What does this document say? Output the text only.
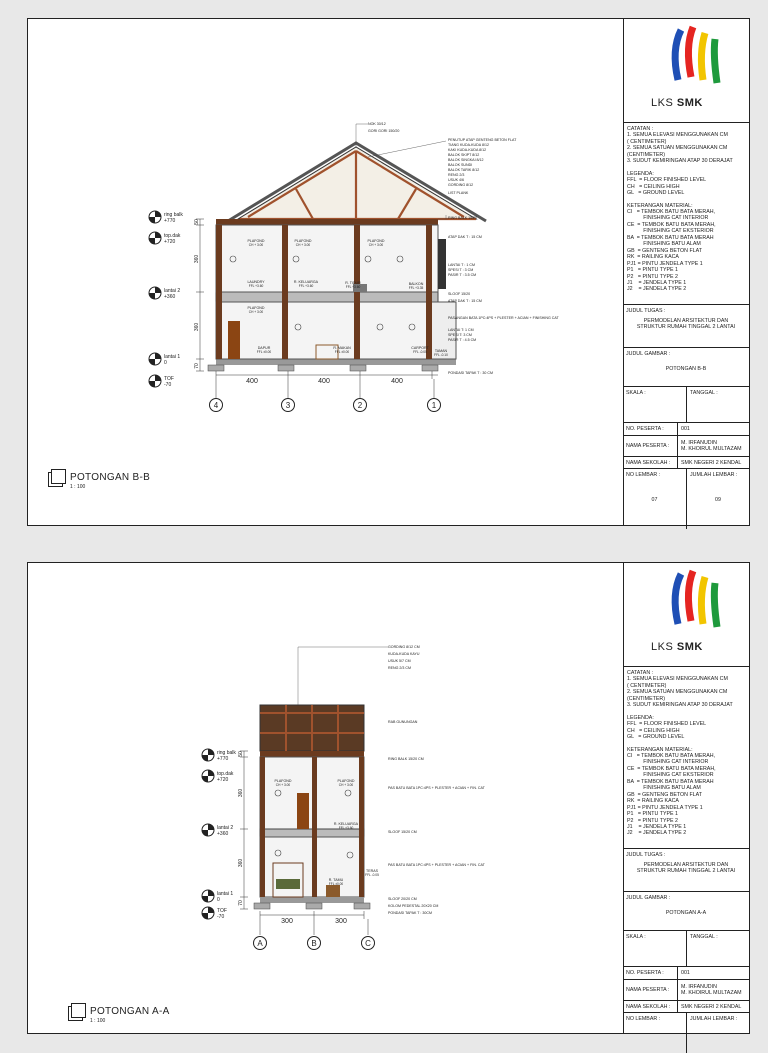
ring balk
+770
top.dak
+720
lantai 2
+360
lantai 1
0
TOF
-70
4	3	2	1
50
360
360
70
400	400	400
NOK 30/12
GORI GORI 150/20
PENUTUP ATAP GENTENG BETON FLAT
TIANG KUDA-KUDA 8/12
KAKI KUDA-KUDA 8/12
BALOK SKIPT 8/12
BALOK SINGKAI 8/12
BALOK SUNDI
BALOK TARIK 8/12
RENG 2/3
USUK 4/6
GORDING 8/12
LIST PLANK
RING BALK 15/20
ATAP DAK T : 15 CM
LANTAI T : 1 CM
SPESI T : 3 CM
PASIR T : 3.5 CM
SLOOF 15/20
ATAP DAK T : 15 CM
PASANGAN BATA 1PC:4PS + PLESTER + ACIAN + FINISHING CAT
LANTAI T: 1 CM
SPESI T: 3 CM
PASIR T : 4.5 CM
PONDASI TAPAK T : 30 CM
PLAFOND
CH + 3.00
PLAFOND
CH + 3.00
PLAFOND
CH + 3.00
LAUNDRY
FFL +3.60
R. KELUARGA
FFL +3.60
R. TIDUR
FFL +3.60
BALKON
FFL +3.35
PLAFOND
CH + 3.00
DAPUR
FFL ±0.00
R. MAKAN
FFL ±0.00
CARPORT
FFL -0.05 TAMAN
FFL -0.10
POTONGAN B-B
1 : 100
LKS SMK

CATATAN :

1. SEMUA ELEVASI MENGGUNAKAN CM

( CENTIMETER)

2. SEMUA SATUAN MENGGUNAKAN CM

(CENTIMETER)

3. SUDUT KEMIRINGAN ATAP 30 DERAJAT

LEGENDA:

FFL  = FLOOR FINISHED LEVEL

CH   = CEILING HIGH

GL   = GROUND LEVEL

KETERANGAN MATERIAL:

CI   = TEMBOK BATU BATA MERAH,

FINISHING CAT INTERIOR

CE  = TEMBOK BATU BATA MERAH,

FINISHING CAT EKSTERIOR

BA  = TEMBOK BATU BATA MERAH

FINISHING BATU ALAM

GB  = GENTENG BETON FLAT

RK  = RAILING KACA

PJ1 = PINTU JENDELA TYPE 1

P1   = PINTU TYPE 1

P2   = PINTU TYPE 2

J1    = JENDELA TYPE 1

J2    = JENDELA TYPE 2

JUDUL TUGAS :
PERMODELAN ARSITEKTUR DAN STRUKTUR RUMAH TINGGAL 2 LANTAI
JUDUL GAMBAR :
POTONGAN B-B
SKALA :	TANGGAL :
NO. PESERTA :	001
NAMA PESERTA :	M. IRFANUDIN
M. KHOIRUL MULTAZAM
NAMA SEKOLAH :	SMK NEGERI 2 KENDAL
NO LEMBAR :
07
JUMLAH LEMBAR :
09
ring balk
+770
top.dak
+720
lantai 2
+360
lantai 1
0
TOF
-70
A	B	C
50
360
360
70
300	300
GORDING 8/12 CM
KUDA-KUDA KAYU
USUK 5/7 CM
RENG 2/3 CM
RAB GUNUNGAN
RING BALK 15/20 CM
PAS BATU BATA 1PC:4PS + PLESTER + ACIAN + FIN. CAT
SLOOF 15/20 CM
PAS BATU BATA 1PC:4PS + PLESTER + ACIAN + FIN. CAT
SLOOF 20/20 CM
KOLOM PEDESTAL 20X20 CM
PONDASI TAPAK T : 30CM
PLAFOND
CH + 3.00
PLAFOND
CH + 3.00
R. KELUARGA
FFL +3.60
R. TAMU
FFL ±0.00
TERAS
FFL -0.05
POTONGAN A-A
1 : 100
LKS SMK

CATATAN :

1. SEMUA ELEVASI MENGGUNAKAN CM

( CENTIMETER)

2. SEMUA SATUAN MENGGUNAKAN CM

(CENTIMETER)

3. SUDUT KEMIRINGAN ATAP 30 DERAJAT

LEGENDA:

FFL  = FLOOR FINISHED LEVEL

CH   = CEILING HIGH

GL   = GROUND LEVEL

KETERANGAN MATERIAL:

CI   = TEMBOK BATU BATA MERAH,

FINISHING CAT INTERIOR

CE  = TEMBOK BATU BATA MERAH,

FINISHING CAT EKSTERIOR

BA  = TEMBOK BATU BATA MERAH

FINISHING BATU ALAM

GB  = GENTENG BETON FLAT

RK  = RAILING KACA

PJ1 = PINTU JENDELA TYPE 1

P1   = PINTU TYPE 1

P2   = PINTU TYPE 2

J1    = JENDELA TYPE 1

J2    = JENDELA TYPE 2

JUDUL TUGAS :
PERMODELAN ARSITEKTUR DAN STRUKTUR RUMAH TINGGAL 2 LANTAI
JUDUL GAMBAR :
POTONGAN A-A
SKALA :	TANGGAL :
NO. PESERTA :	001
NAMA PESERTA :	M. IRFANUDIN
M. KHOIRUL MULTAZAM
NAMA SEKOLAH :	SMK NEGERI 2 KENDAL
NO LEMBAR :	JUMLAH LEMBAR :
